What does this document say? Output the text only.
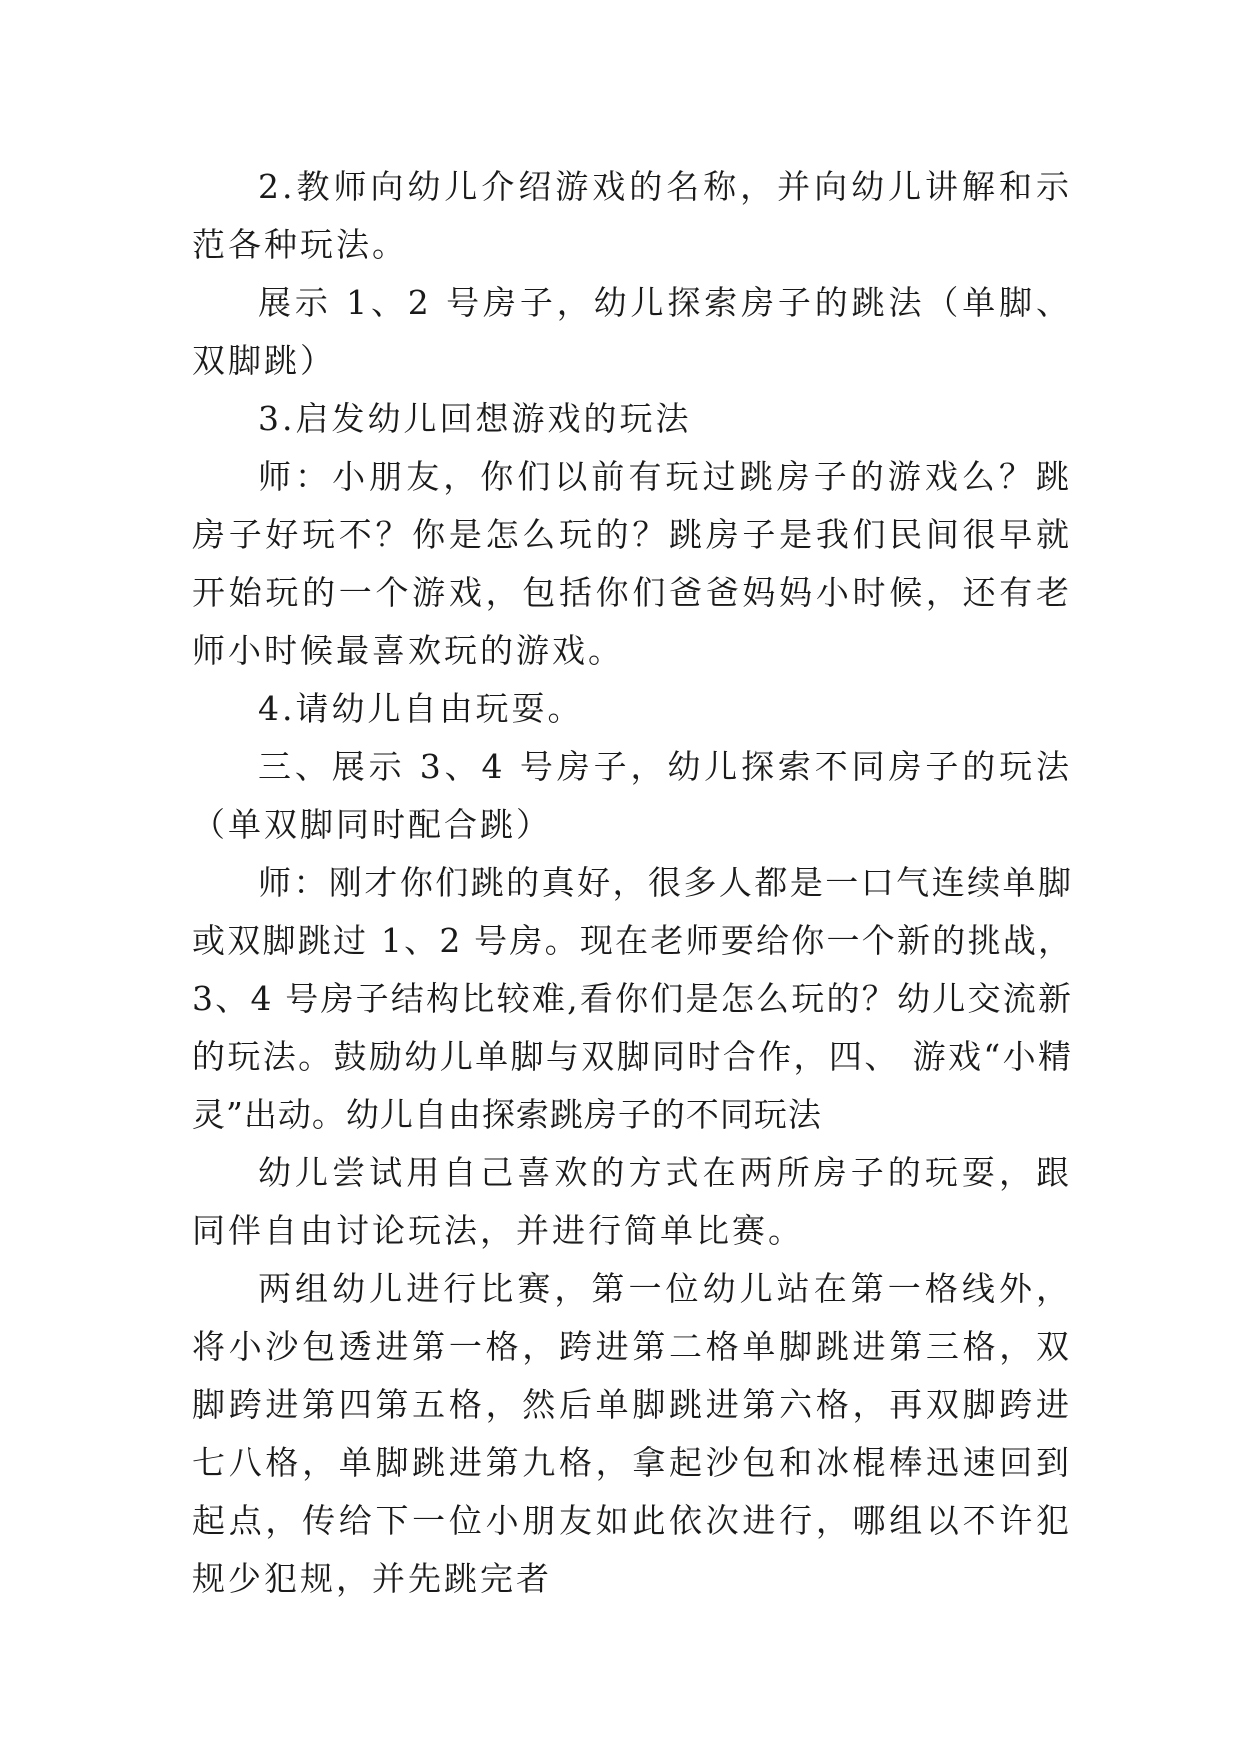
2.教师向幼儿介绍游戏的名称，并向幼儿讲解和示范各种玩法。

展示 1、2 号房子，幼儿探索房子的跳法（单脚、双脚跳）

3.启发幼儿回想游戏的玩法

师：小朋友，你们以前有玩过跳房子的游戏么？跳房子好玩不？你是怎么玩的？跳房子是我们民间很早就开始玩的一个游戏，包括你们爸爸妈妈小时候，还有老师小时候最喜欢玩的游戏。

4.请幼儿自由玩耍。

三、展示 3、4 号房子，幼儿探索不同房子的玩法（单双脚同时配合跳）

师：刚才你们跳的真好，很多人都是一口气连续单脚或双脚跳过 1、2 号房。现在老师要给你一个新的挑战，3、4 号房子结构比较难,看你们是怎么玩的？幼儿交流新的玩法。鼓励幼儿单脚与双脚同时合作，四、 游戏“小精灵”出动。幼儿自由探索跳房子的不同玩法

幼儿尝试用自己喜欢的方式在两所房子的玩耍，跟同伴自由讨论玩法，并进行简单比赛。

两组幼儿进行比赛，第一位幼儿站在第一格线外，将小沙包透进第一格，跨进第二格单脚跳进第三格，双脚跨进第四第五格，然后单脚跳进第六格，再双脚跨进七八格，单脚跳进第九格，拿起沙包和冰棍棒迅速回到起点，传给下一位小朋友如此依次进行，哪组以不许犯规少犯规，并先跳完者
